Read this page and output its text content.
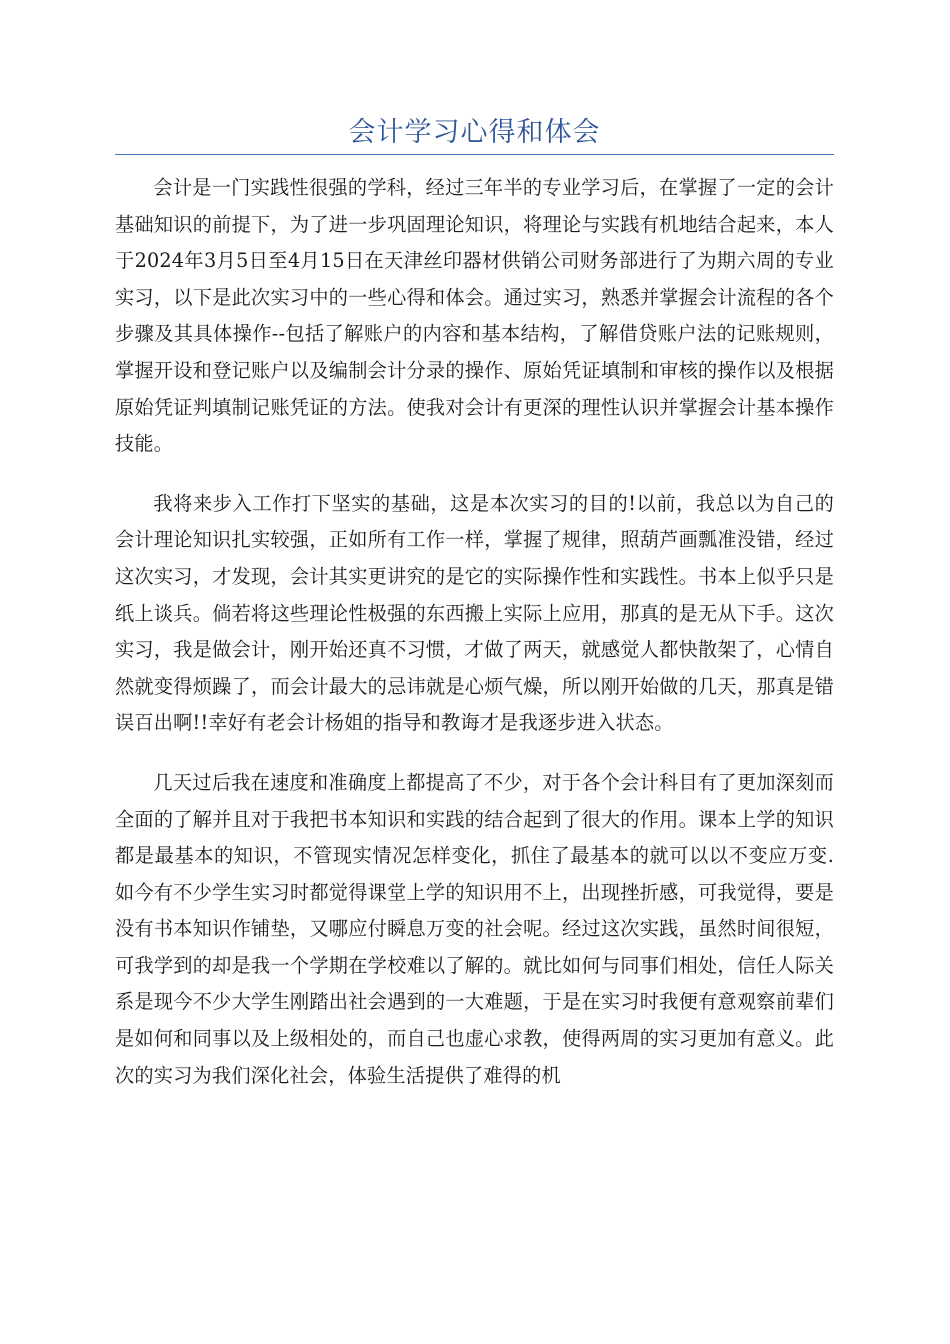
会计学习心得和体会

会计是一门实践性很强的学科，经过三年半的专业学习后，在掌握了一定的会计基础知识的前提下，为了进一步巩固理论知识，将理论与实践有机地结合起来，本人于2024年3月5日至4月15日在天津丝印器材供销公司财务部进行了为期六周的专业实习，以下是此次实习中的一些心得和体会。通过实习，熟悉并掌握会计流程的各个步骤及其具体操作--包括了解账户的内容和基本结构，了解借贷账户法的记账规则，掌握开设和登记账户以及编制会计分录的操作、原始凭证填制和审核的操作以及根据原始凭证判填制记账凭证的方法。使我对会计有更深的理性认识并掌握会计基本操作技能。

我将来步入工作打下坚实的基础，这是本次实习的目的!以前，我总以为自己的会计理论知识扎实较强，正如所有工作一样，掌握了规律，照葫芦画瓢准没错，经过这次实习，才发现，会计其实更讲究的是它的实际操作性和实践性。书本上似乎只是纸上谈兵。倘若将这些理论性极强的东西搬上实际上应用，那真的是无从下手。这次实习，我是做会计，刚开始还真不习惯，才做了两天，就感觉人都快散架了，心情自然就变得烦躁了，而会计最大的忌讳就是心烦气燥，所以刚开始做的几天，那真是错误百出啊!!幸好有老会计杨姐的指导和教诲才是我逐步进入状态。

几天过后我在速度和准确度上都提高了不少，对于各个会计科目有了更加深刻而全面的了解并且对于我把书本知识和实践的结合起到了很大的作用。课本上学的知识都是最基本的知识，不管现实情况怎样变化，抓住了最基本的就可以以不变应万变.如今有不少学生实习时都觉得课堂上学的知识用不上，出现挫折感，可我觉得，要是没有书本知识作铺垫，又哪应付瞬息万变的社会呢。经过这次实践，虽然时间很短，可我学到的却是我一个学期在学校难以了解的。就比如何与同事们相处，信任人际关系是现今不少大学生刚踏出社会遇到的一大难题，于是在实习时我便有意观察前辈们是如何和同事以及上级相处的，而自己也虚心求教，使得两周的实习更加有意义。此次的实习为我们深化社会，体验生活提供了难得的机
